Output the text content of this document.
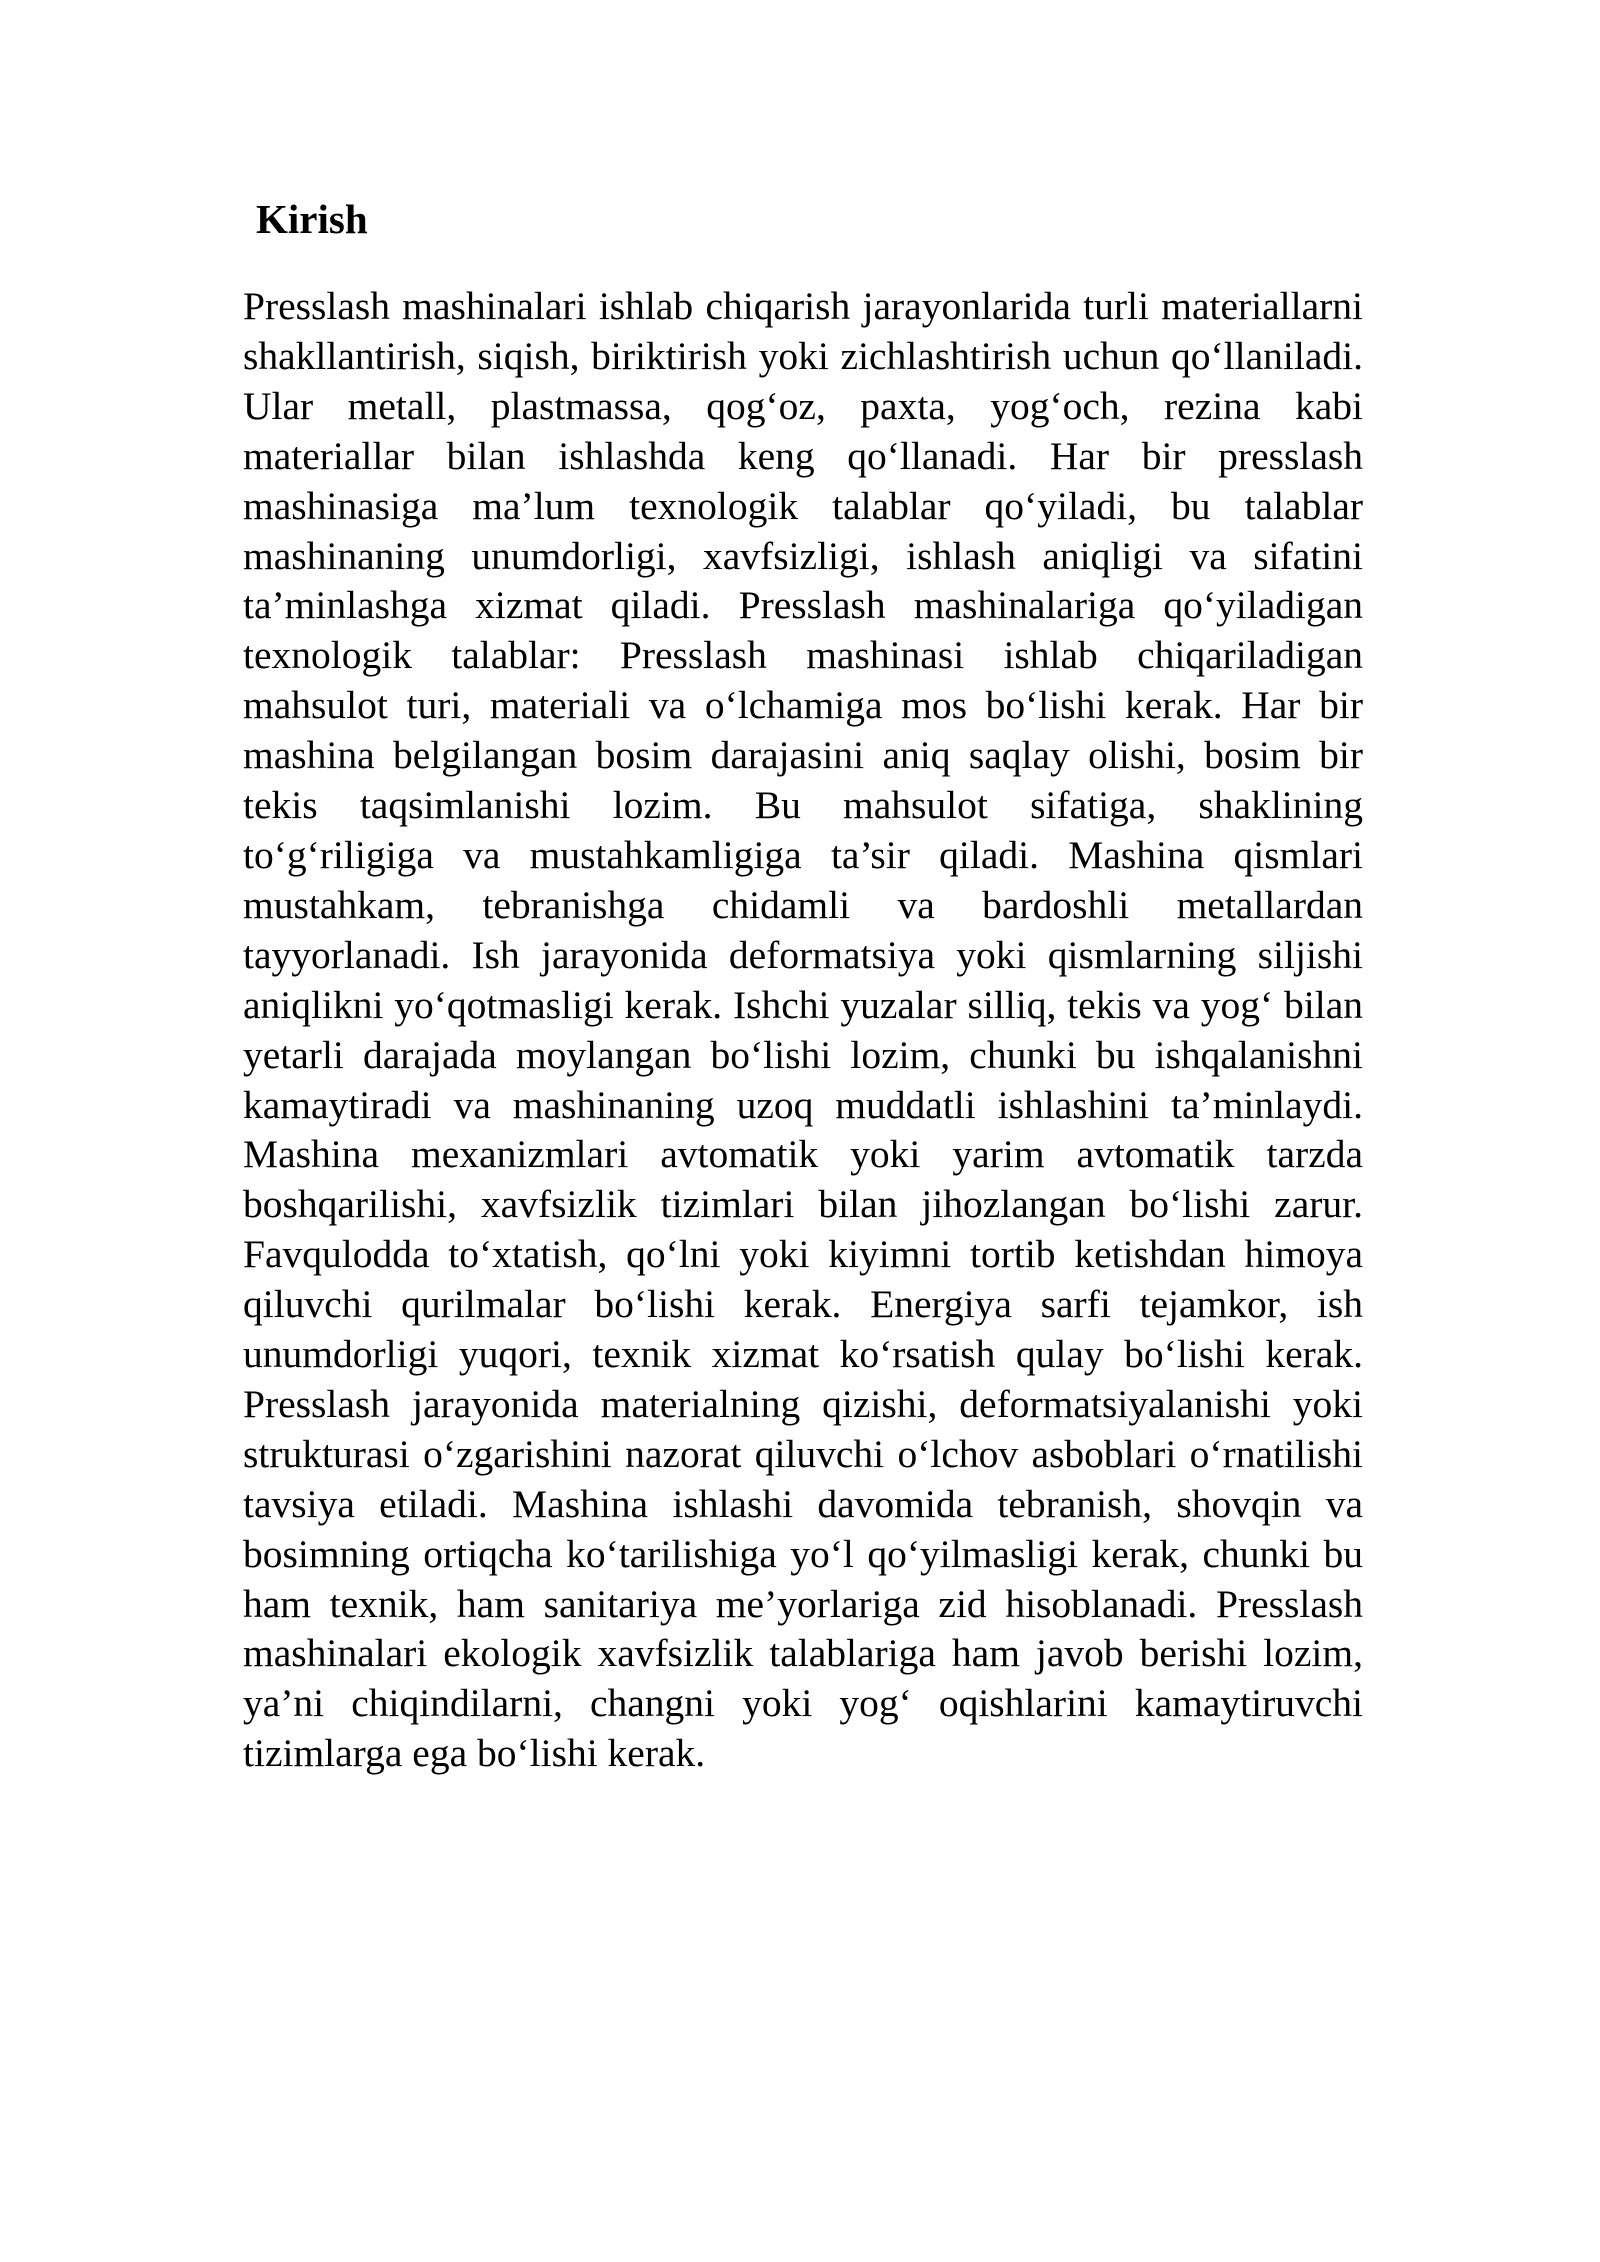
Kirish

Presslash mashinalari ishlab chiqarish jarayonlarida turli materiallarni shakllantirish, siqish, biriktirish yoki zichlashtirish uchun qo‘llaniladi. Ular metall, plastmassa, qog‘oz, paxta, yog‘och, rezina kabi materiallar bilan ishlashda keng qo‘llanadi. Har bir presslash mashinasiga ma’lum texnologik talablar qo‘yiladi, bu talablar mashinaning unumdorligi, xavfsizligi, ishlash aniqligi va sifatini ta’minlashga xizmat qiladi. Presslash mashinalariga qo‘yiladigan texnologik talablar: Presslash mashinasi ishlab chiqariladigan mahsulot turi, materiali va o‘lchamiga mos bo‘lishi kerak. Har bir mashina belgilangan bosim darajasini aniq saqlay olishi, bosim bir tekis taqsimlanishi lozim. Bu mahsulot sifatiga, shaklining to‘g‘riligiga va mustahkamligiga ta’sir qiladi. Mashina qismlari mustahkam, tebranishga chidamli va bardoshli metallardan tayyorlanadi. Ish jarayonida deformatsiya yoki qismlarning siljishi aniqlikni yo‘qotmasligi kerak. Ishchi yuzalar silliq, tekis va yog‘ bilan yetarli darajada moylangan bo‘lishi lozim, chunki bu ishqalanishni kamaytiradi va mashinaning uzoq muddatli ishlashini ta’minlaydi. Mashina mexanizmlari avtomatik yoki yarim avtomatik tarzda boshqarilishi, xavfsizlik tizimlari bilan jihozlangan bo‘lishi zarur. Favqulodda to‘xtatish, qo‘lni yoki kiyimni tortib ketishdan himoya qiluvchi qurilmalar bo‘lishi kerak. Energiya sarfi tejamkor, ish unumdorligi yuqori, texnik xizmat ko‘rsatish qulay bo‘lishi kerak. Presslash jarayonida materialning qizishi, deformatsiyalanishi yoki strukturasi o‘zgarishini nazorat qiluvchi o‘lchov asboblari o‘rnatilishi tavsiya etiladi. Mashina ishlashi davomida tebranish, shovqin va bosimning ortiqcha ko‘tarilishiga yo‘l qo‘yilmasligi kerak, chunki bu ham texnik, ham sanitariya me’yorlariga zid hisoblanadi. Presslash mashinalari ekologik xavfsizlik talablariga ham javob berishi lozim, ya’ni chiqindilarni, changni yoki yog‘ oqishlarini kamaytiruvchi tizimlarga ega bo‘lishi kerak.
